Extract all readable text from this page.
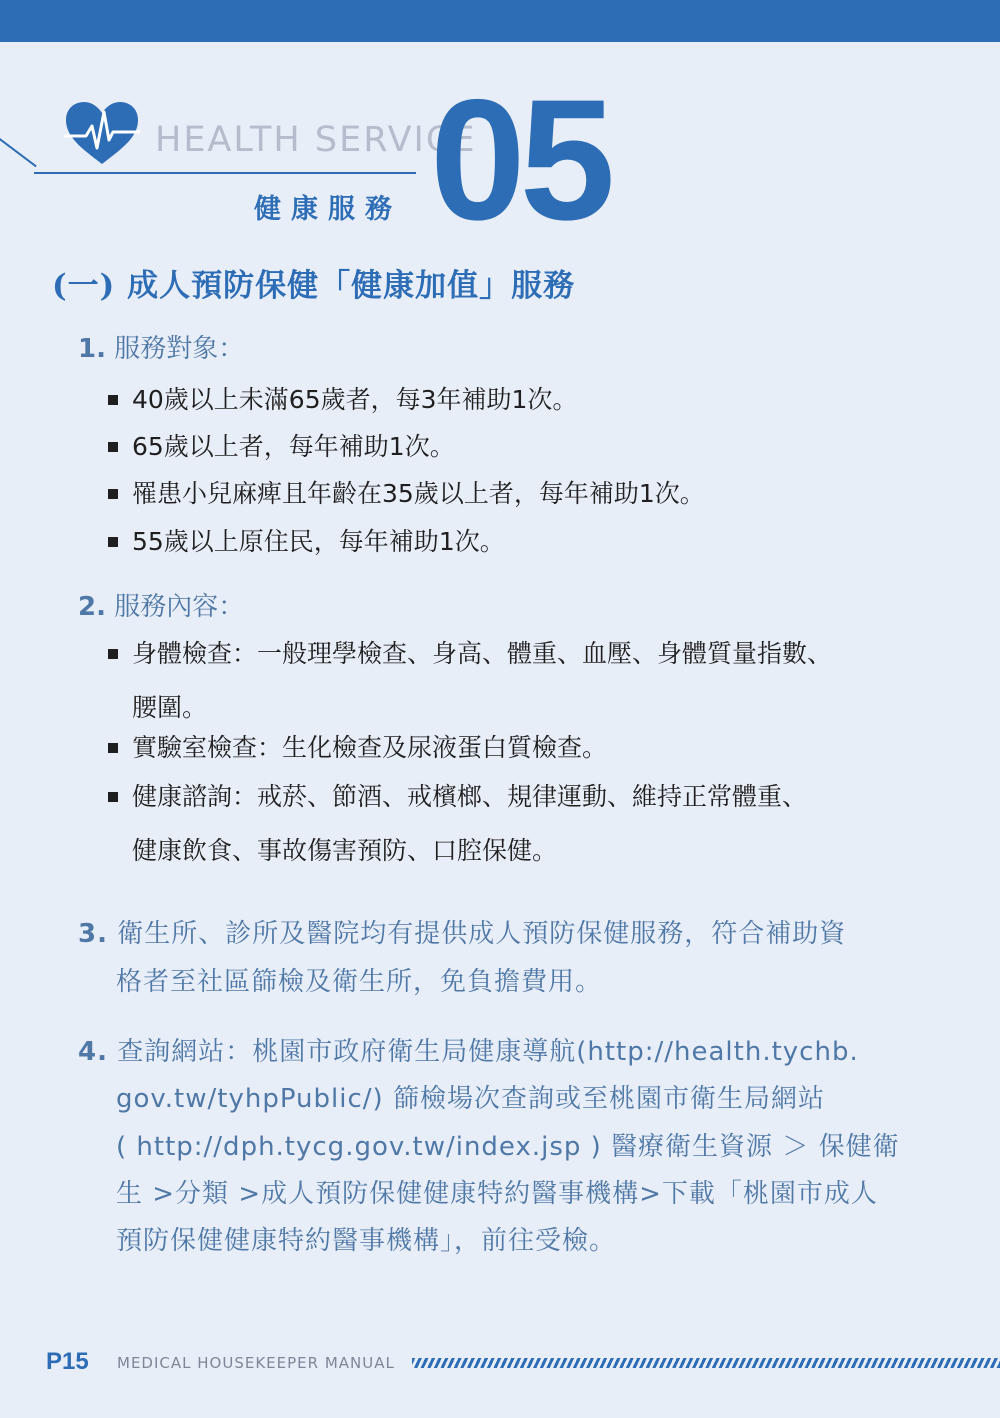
HEALTH SERVICE
健康服務 05
(一) 成人預防保健「健康加值」服務
1. 服務對象：
40歲以上未滿65歲者，每3年補助1次。
65歲以上者，每年補助1次。
罹患小兒麻痺且年齡在35歲以上者，每年補助1次。
55歲以上原住民，每年補助1次。
2. 服務內容：
身體檢查：一般理學檢查、身高、體重、血壓、身體質量指數、
腰圍。
實驗室檢查：生化檢查及尿液蛋白質檢查。
健康諮詢：戒菸、節酒、戒檳榔、規律運動、維持正常體重、
健康飲食、事故傷害預防、口腔保健。
3. 衛生所、診所及醫院均有提供成人預防保健服務，符合補助資
格者至社區篩檢及衛生所，免負擔費用。
4. 查詢網站：桃園市政府衛生局健康導航(http://health.tychb.
gov.tw/tyhpPublic/) 篩檢場次查詢或至桃園市衛生局網站
( http://dph.tycg.gov.tw/index.jsp ) 醫療衛生資源 ＞ 保健衛
生 >分類 >成人預防保健健康特約醫事機構>下載「桃園市成人
預防保健健康特約醫事機構」，前往受檢。
P15 MEDICAL HOUSEKEEPER MANUAL
